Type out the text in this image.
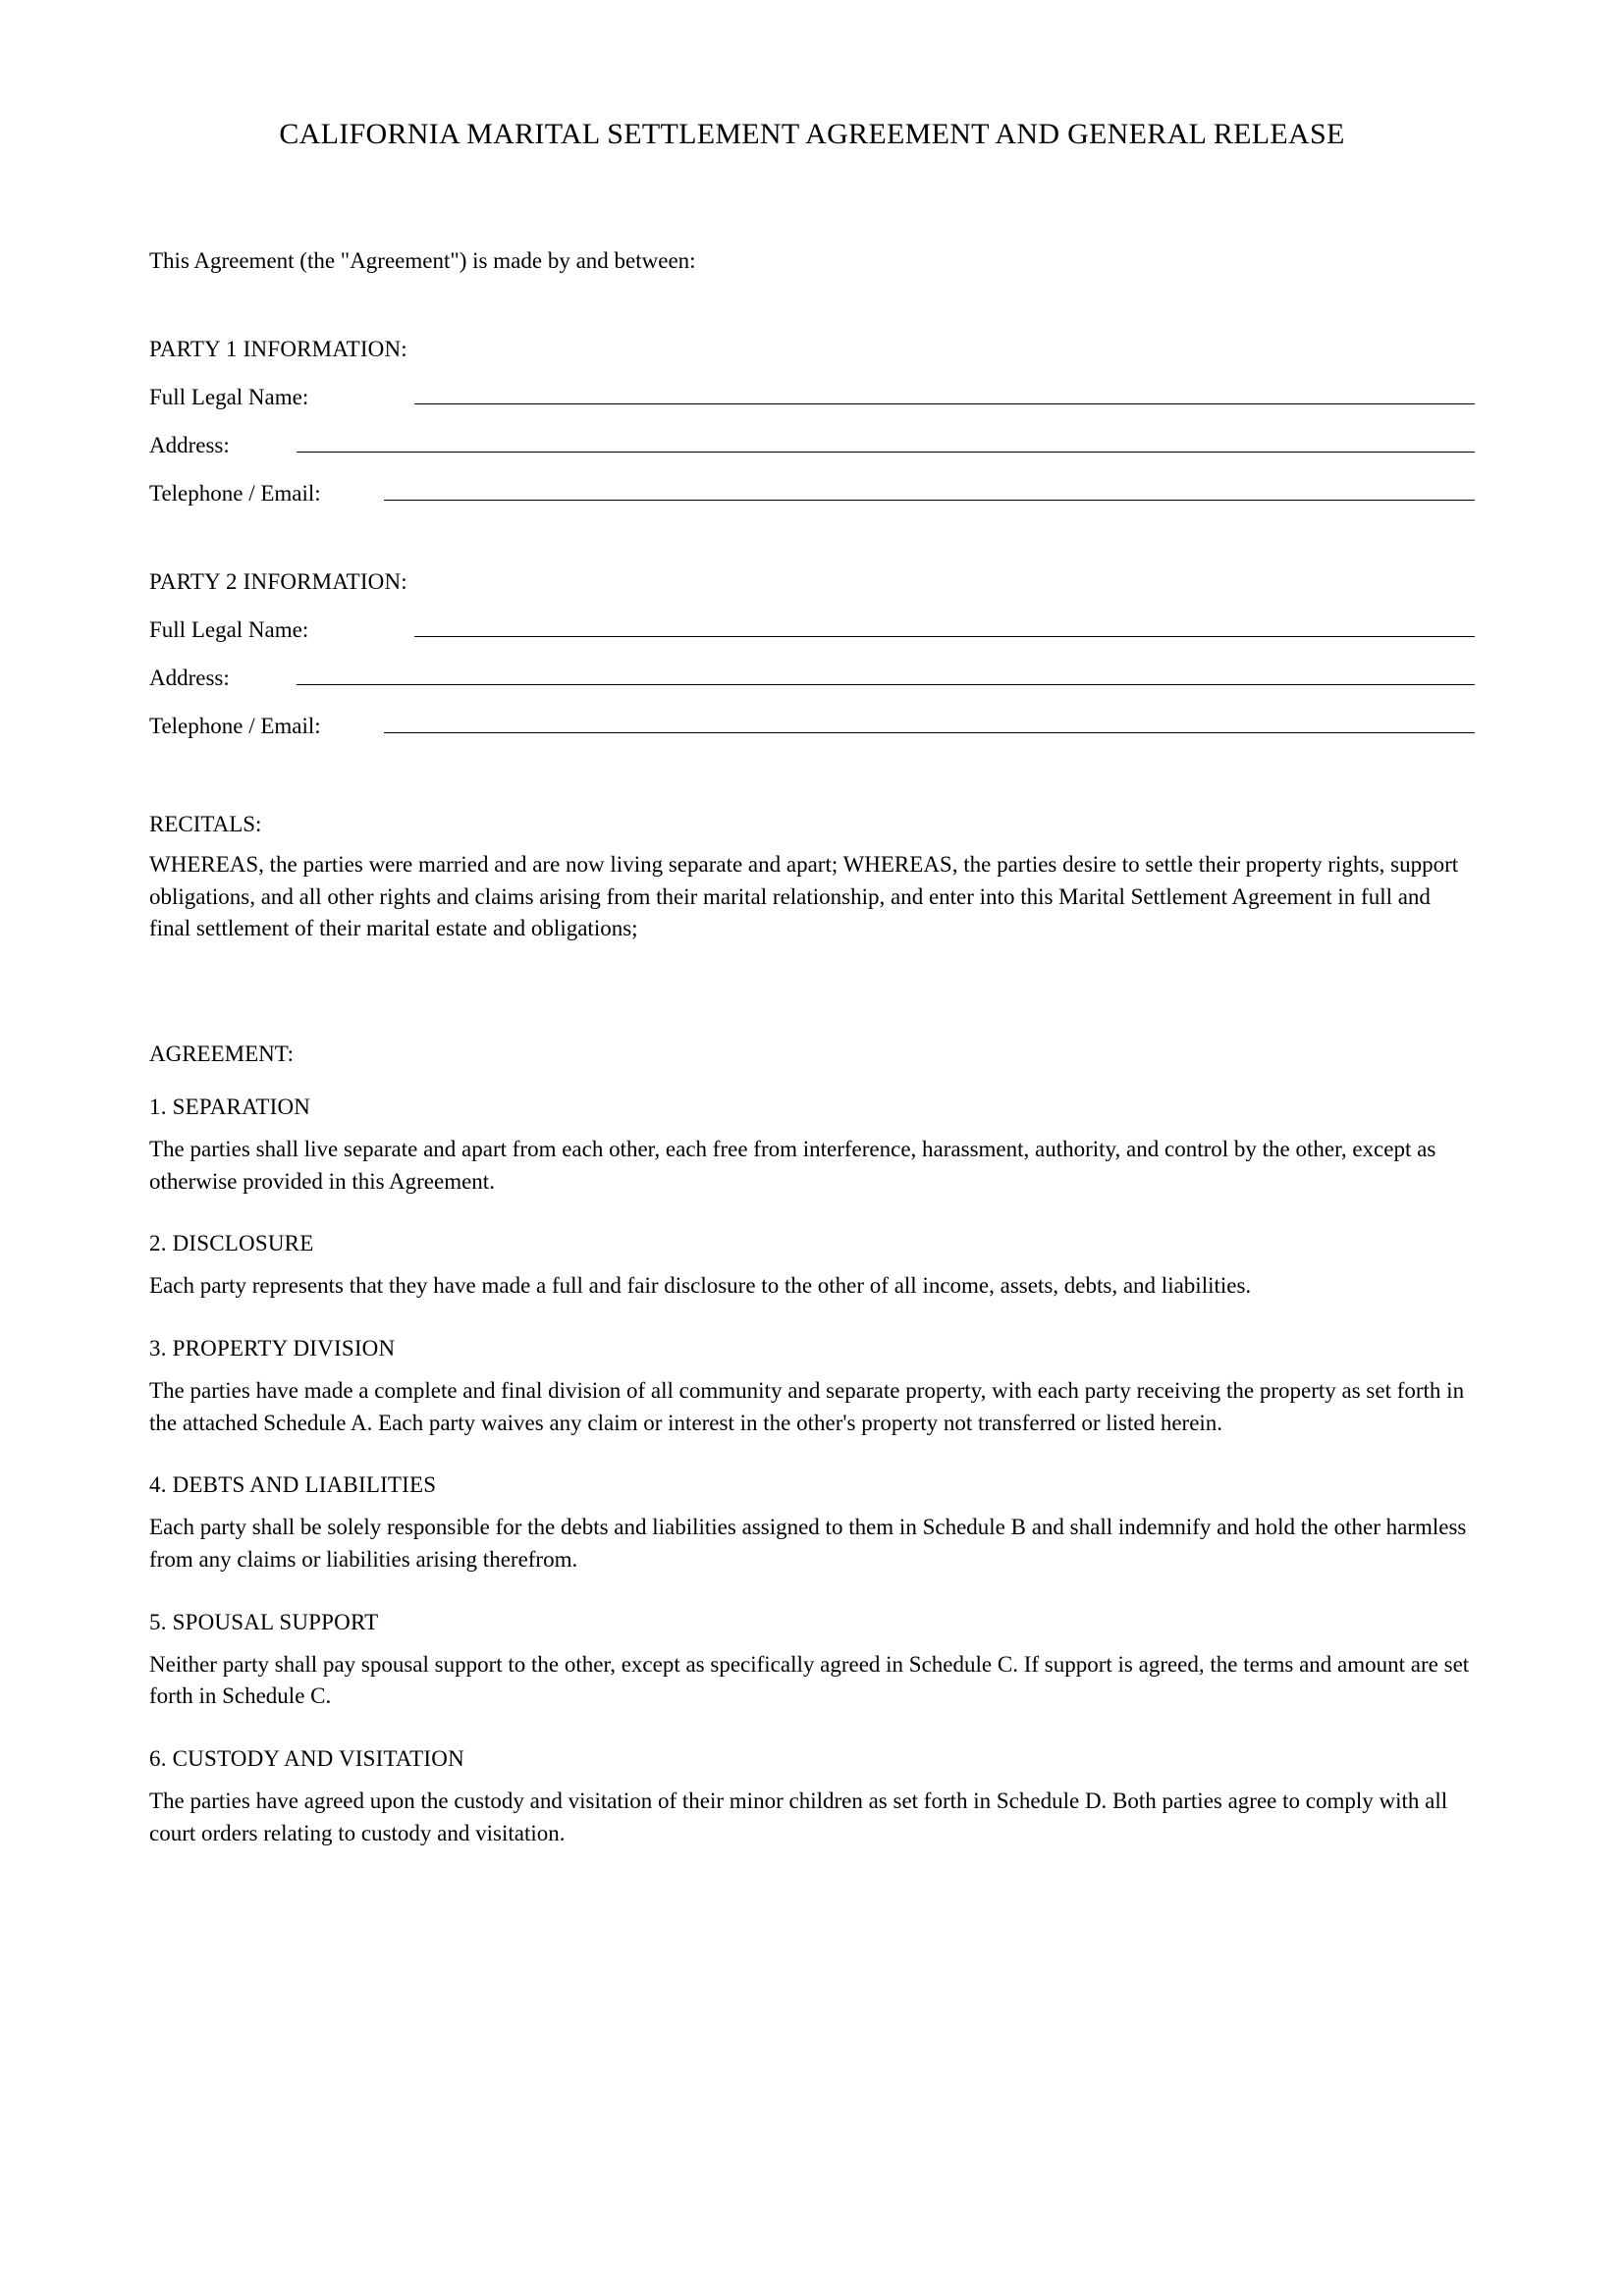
CALIFORNIA MARITAL SETTLEMENT AGREEMENT AND GENERAL RELEASE
This Agreement (the "Agreement") is made by and between:
PARTY 1 INFORMATION:
Full Legal Name:
Address:
Telephone / Email:
PARTY 2 INFORMATION:
Full Legal Name:
Address:
Telephone / Email:
RECITALS:
WHEREAS, the parties were married and are now living separate and apart; WHEREAS, the parties desire to settle their property rights, support obligations, and all other rights and claims arising from their marital relationship, and enter into this Marital Settlement Agreement in full and final settlement of their marital estate and obligations;
AGREEMENT:
1. SEPARATION
The parties shall live separate and apart from each other, each free from interference, harassment, authority, and control by the other, except as otherwise provided in this Agreement.
2. DISCLOSURE
Each party represents that they have made a full and fair disclosure to the other of all income, assets, debts, and liabilities.
3. PROPERTY DIVISION
The parties have made a complete and final division of all community and separate property, with each party receiving the property as set forth in the attached Schedule A. Each party waives any claim or interest in the other's property not transferred or listed herein.
4. DEBTS AND LIABILITIES
Each party shall be solely responsible for the debts and liabilities assigned to them in Schedule B and shall indemnify and hold the other harmless from any claims or liabilities arising therefrom.
5. SPOUSAL SUPPORT
Neither party shall pay spousal support to the other, except as specifically agreed in Schedule C. If support is agreed, the terms and amount are set forth in Schedule C.
6. CUSTODY AND VISITATION
The parties have agreed upon the custody and visitation of their minor children as set forth in Schedule D. Both parties agree to comply with all court orders relating to custody and visitation.
